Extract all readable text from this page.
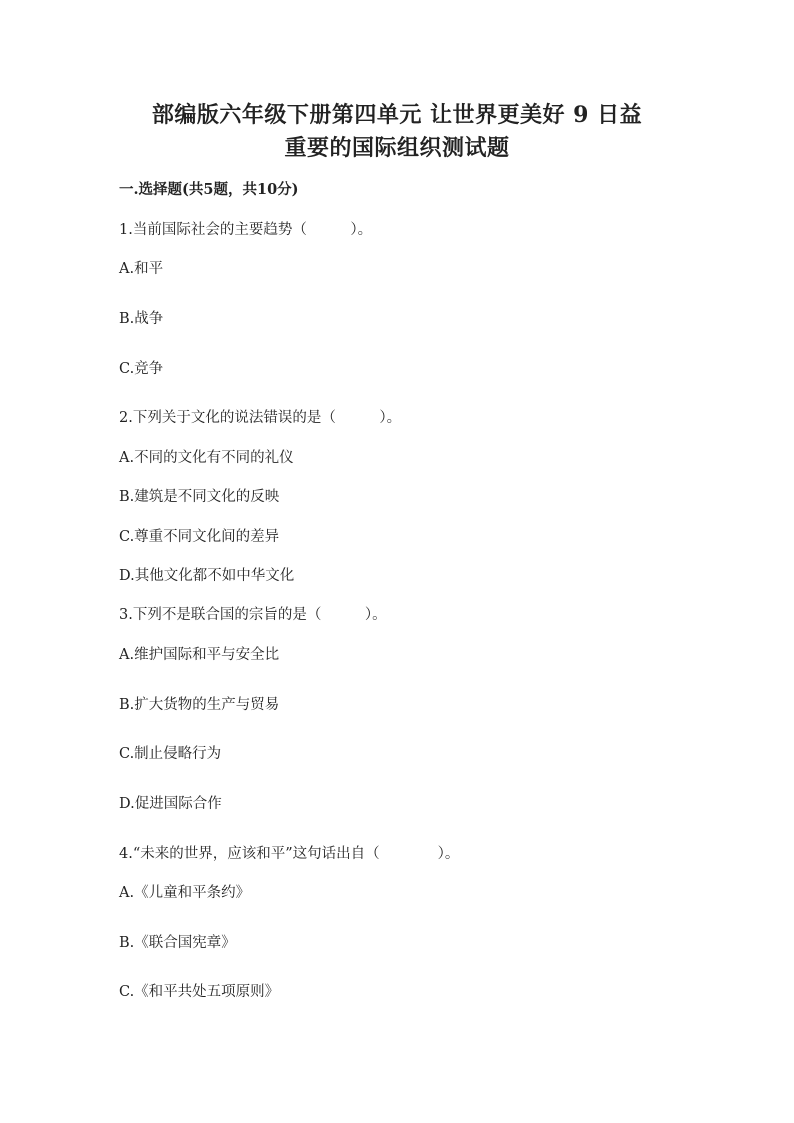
部编版六年级下册第四单元 让世界更美好 9 日益
重要的国际组织测试题

一.选择题(共5题，共10分)

1.当前国际社会的主要趋势（　　　）。

A.和平

B.战争

C.竞争

2.下列关于文化的说法错误的是（　　　）。

A.不同的文化有不同的礼仪

B.建筑是不同文化的反映

C.尊重不同文化间的差异

D.其他文化都不如中华文化

3.下列不是联合国的宗旨的是（　　　）。

A.维护国际和平与安全比

B.扩大货物的生产与贸易

C.制止侵略行为

D.促进国际合作

4.“未来的世界，应该和平”这句话出自（　　　　）。

A.《儿童和平条约》

B.《联合国宪章》

C.《和平共处五项原则》
